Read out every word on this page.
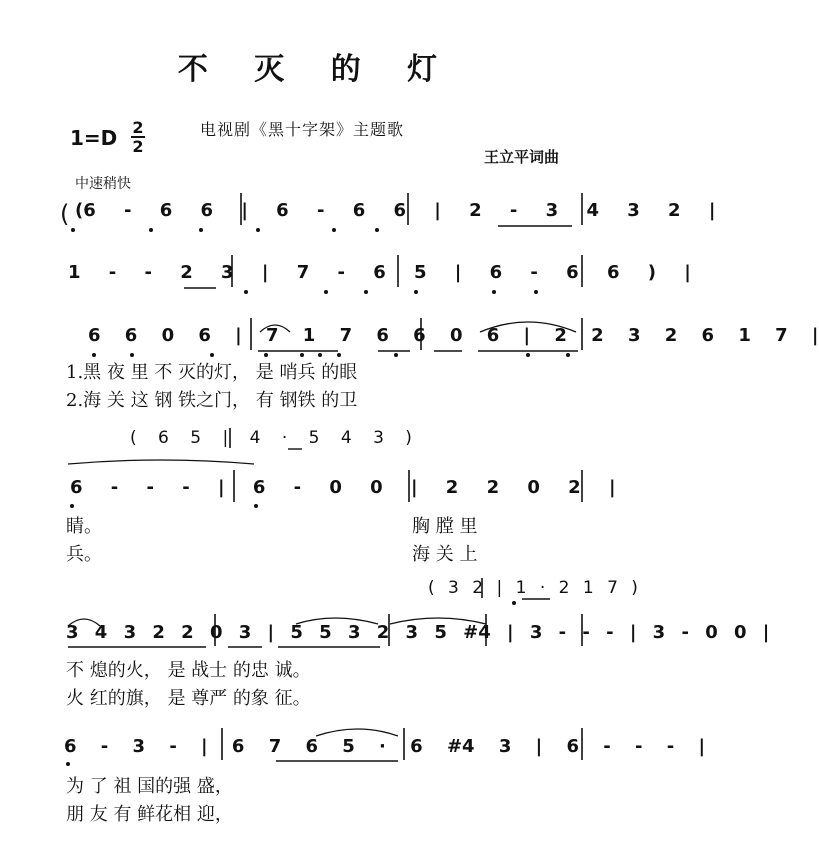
不 灭 的 灯
电视剧《黑十字架》主题歌
1=D 2
2
王立平词曲
中速稍快
( (6 - 6 6 | 6 - 6 6 | 2 - 3 4 3 2 |
1 - - 2 3 | 7 - 6 5 | 6 - 6 6 ) |
6 6 0 6 | 7 1 7 6 6 0 6 | 2 2 3 2 6 1 7 |
1.黑 夜 里 不 灭的灯， 是 哨兵 的眼
2.海 关 这 钢 铁之门， 有 钢铁 的卫
( 6 5 | 4 · 5 4 3 )
6 - - - | 6 - 0 0 | 2 2 0 2 |
睛。	胸 膛 里
兵。	海 关 上
( 3 2 | 1 · 2 1 7 )
3 4 3 2 2 0 3 | 5 5 3 2 3 5 #4 | 3 - - - | 3 - 0 0 |
不 熄的火， 是 战士 的忠 诚。
火 红的旗， 是 尊严 的象 征。
6 - 3 - | 6 7 6 5 · 6 #4 3 | 6 - - - |
为 了 祖 国的强 盛，
朋 友 有 鲜花相 迎，
